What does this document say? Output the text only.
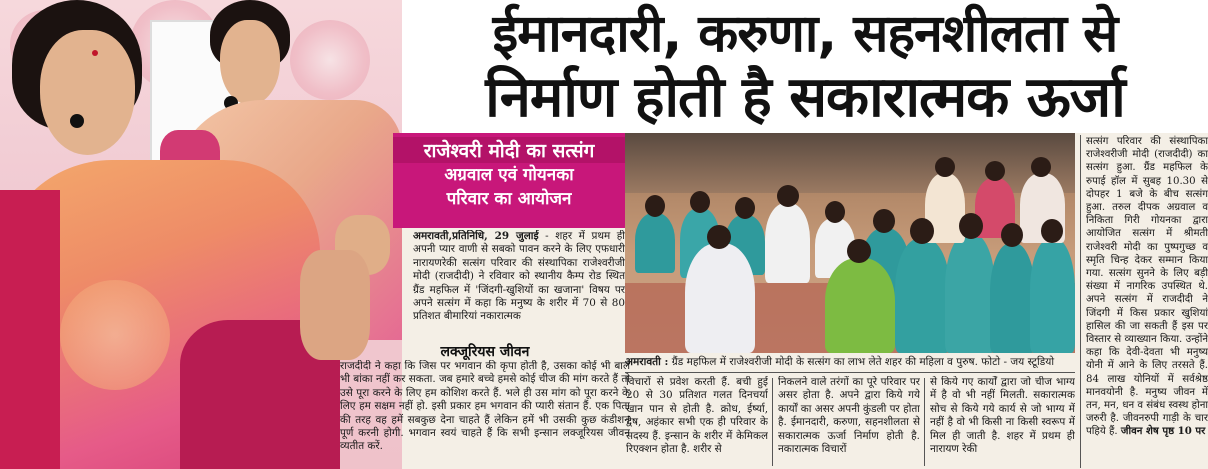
ईमानदारी, करुणा, सहनशीलता से
निर्माण होती है सकारात्मक ऊर्जा
राजेश्वरी मोदी का सत्संग
अग्रवाल एवं गोयनका
परिवार का आयोजन
अमरावती,प्रतिनिधि, 29 जुलाई - शहर में प्रथम ही अपनी प्यार वाणी से सबको पावन करने के लिए एफधारी नारायणरेकी सत्संग परिवार की संस्थापिका राजेश्वरीजी मोदी (राजदीदी) ने रविवार को स्थानीय कैम्प रोड स्थित ग्रैंड महफिल में 'जिंदगी-खुशियों का खजाना' विषय पर अपने सत्संग में कहा कि मनुष्य के शरीर में 70 से 80 प्रतिशत बीमारियां नकारात्मक
लक्जूरियस जीवन
राजदीदी ने कहा कि जिस पर भगवान की कृपा होती है, उसका कोई भी बाल भी बांका नहीं कर सकता. जब हमारे बच्चे हमसे कोई चीज की मांग करते हैं तो उसे पूरा करने के लिए हम कोशिश करते हैं. भले ही उस मांग को पूरा करने के लिए हम सक्षम नहीं हो. इसी प्रकार हम भगवान की प्यारी संतान हैं. एक पिता की तरह वह हमें सबकुछ देना चाहते हैं लेकिन हमें भी उसकी कुछ कंडीशन पूर्ण करनी होगी. भगवान स्वयं चाहते हैं कि सभी इन्सान लक्जूरियस जीवन व्यतीत करें.
अमरावती : ग्रैंड महफिल में राजेश्वरीजी मोदी के सत्संग का लाभ लेते शहर की महिला व पुरुष. फोटो - जय स्टूडियो
विचारों से प्रवेश करती हैं. बची हुई 20 से 30 प्रतिशत गलत दिनचर्या खान पान से होती है. क्रोध, ईर्ष्या, द्वेष, अहंकार सभी एक ही परिवार के सदस्य हैं. इन्सान के शरीर में केमिकल रिएक्शन होता है. शरीर से
निकलने वाले तरंगों का पूरे परिवार पर असर होता है. अपने द्वारा किये गये कार्यों का असर अपनी कुंडली पर होता है. ईमानदारी, करुणा, सहनशीलता से सकारात्मक ऊर्जा निर्माण होती है. नकारात्मक विचारों
से किये गए कार्यों द्वारा जो चीज भाग्य में है वो भी नहीं मिलती. सकारात्मक सोच से किये गये कार्य से जो भाग्य में नहीं है वो भी किसी ना किसी स्वरूप में मिल ही जाती है. शहर में प्रथम ही नारायण रेकी
सत्संग परिवार की संस्थापिका राजेश्वरीजी मोदी (राजदीदी) का सत्संग हुआ. ग्रैंड महफिल के रुपाई हॉल में सुबह 10.30 से दोपहर 1 बजे के बीच सत्संग हुआ. तरुल दीपक अग्रवाल व निकिता गिरी गोयनका द्वारा आयोजित सत्संग में श्रीमती राजेश्वरी मोदी का पुष्पगुच्छ व स्मृति चिन्ह देकर सम्मान किया गया. सत्संग सुनने के लिए बड़ी संख्या में नागरिक उपस्थित थे. अपने सत्संग में राजदीदी ने जिंदगी में किस प्रकार खुशियां हासिल की जा सकती हैं इस पर विस्तार से व्याख्यान किया. उन्होंने कहा कि देवी-देवता भी मनुष्य योनी में आने के लिए तरसते हैं. 84 लाख योनियों में सर्वश्रेष्ठ मानवयोनी है. मनुष्य जीवन में तन, मन, धन व संबंध स्वस्थ होना जरुरी है. जीवनरुपी गाड़ी के चार पहिये हैं. जीवन शेष पृष्ठ 10 पर
